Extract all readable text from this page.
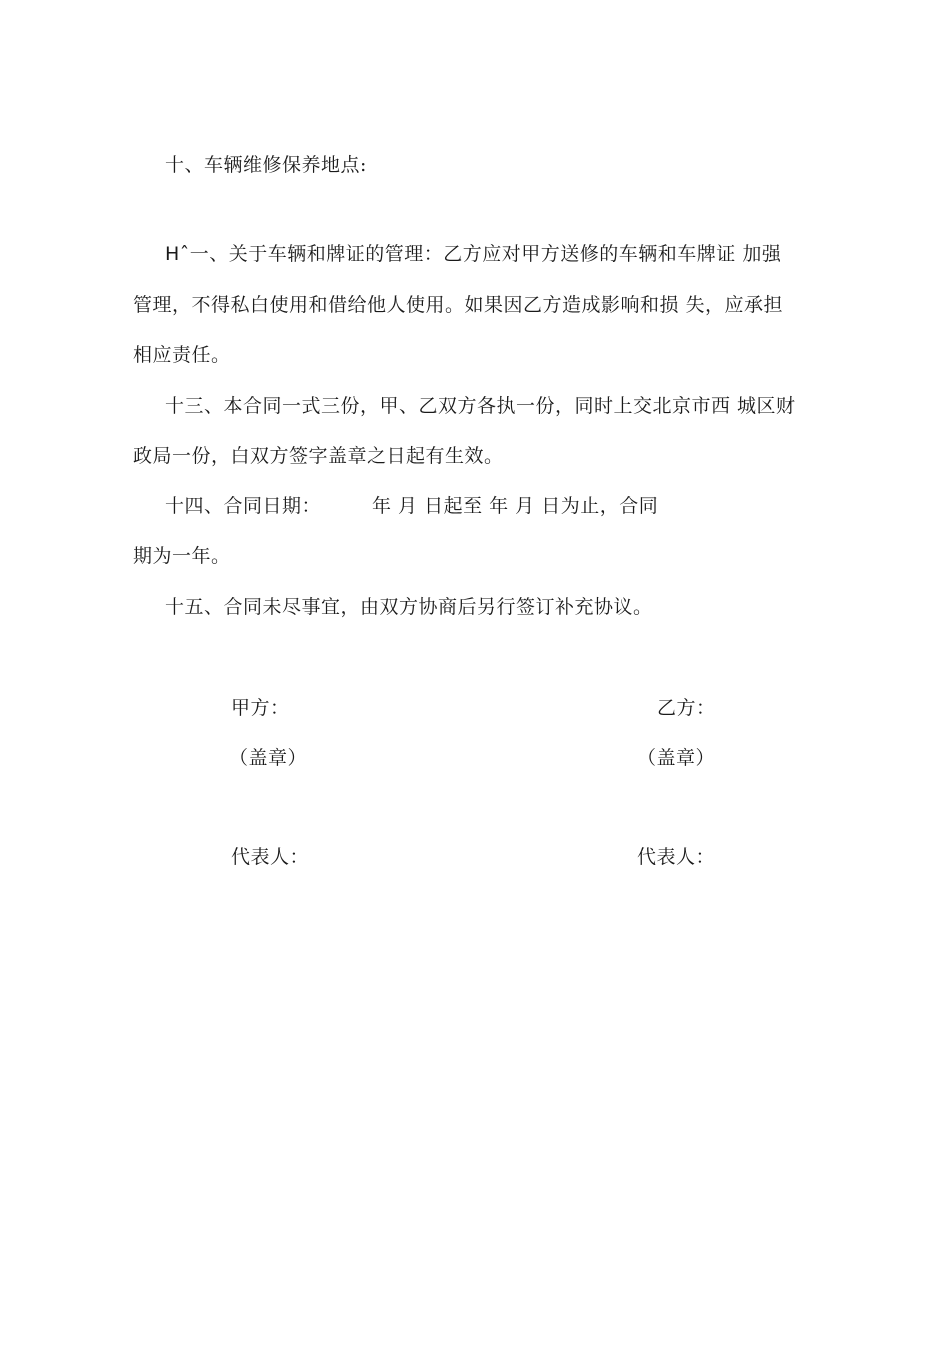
十、车辆维修保养地点:
Hˆ一、关于车辆和牌证的管理：乙方应对甲方送修的车辆和车牌证 加强
管理，不得私白使用和借给他人使用。如果因乙方造成影响和损 失，应承担
相应责任。
十三、本合同一式三份，甲、乙双方各执一份，同时上交北京市西 城区财
政局一份，白双方签字盖章之日起有生效。
十四、合同日期：	年 月 日起至 年 月 日为止，合同
期为一年。
十五、合同未尽事宜，由双方协商后另行签订补充协议。
甲方：	乙方：
（盖章）	（盖章）
代表人：	代表人：
